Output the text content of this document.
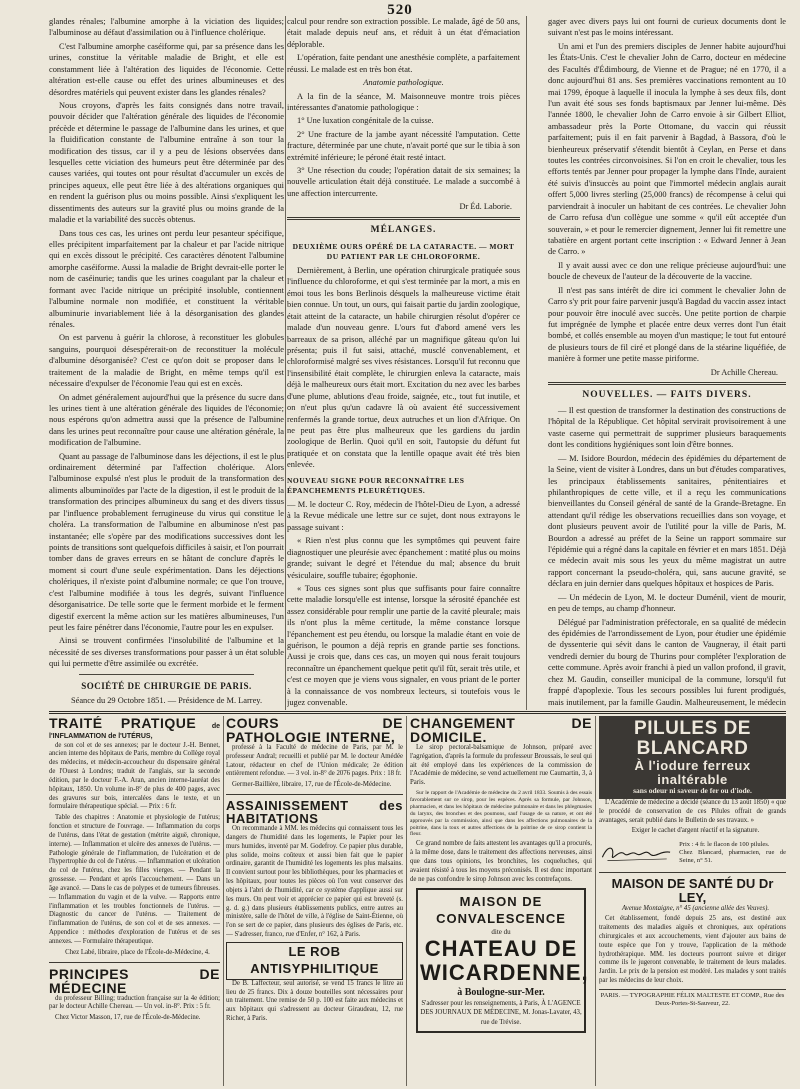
520

glandes rénales; l'albumine amorphe à la viciation des liquides; l'albuminose au défaut d'assimilation ou à l'influence cholérique.

C'est l'albumine amorphe caséiforme qui, par sa présence dans les urines, constitue la véritable maladie de Bright, et elle est constamment liée à l'altération des liquides de l'économie. Cette altération est-elle cause ou effet des urines albumineuses et des désordres matériels qui peuvent exister dans les glandes rénales?

Nous croyons, d'après les faits consignés dans notre travail, pouvoir décider que l'altération générale des liquides de l'économie précède et détermine le passage de l'albumine dans les urines, et que la fluidification constante de l'albumine entraîne à son tour la modification des tissus, car il y a peu de lésions observées dans lesquelles cette viciation des humeurs peut être déterminée par des causes variées, qui toutes ont pour résultat d'accumuler un excès de principes aqueux, elle peut être liée à des altérations organiques qui en rendent la guérison plus ou moins possible. Ainsi s'expliquent les dissentiments des auteurs sur la gravité plus ou moins grande de la maladie et la variabilité des succès obtenus.

Dans tous ces cas, les urines ont perdu leur pesanteur spécifique, elles précipitent imparfaitement par la chaleur et par l'acide nitrique qui en excès dissout le précipité. Ces caractères dénotent l'albumine amorphe caséiforme. Aussi la maladie de Bright devrait-elle porter le nom de caséinurie; tandis que les urines coagulant par la chaleur et formant avec l'acide nitrique un précipité insoluble, contiennent l'albumine normale non modifiée, et constituent la véritable albuminurie invariablement liée à la désorganisation des glandes rénales.

On est parvenu à guérir la chlorose, à reconstituer les globules sanguins, pourquoi désespérerait-on de reconstituer la molécule d'albumine désorganisée? C'est ce qu'on doit se proposer dans le traitement de la maladie de Bright, en même temps qu'il est nécessaire d'expulser de l'économie l'eau qui est en excès.

On admet généralement aujourd'hui que la présence du sucre dans les urines tient à une altération générale des liquides de l'économie; nous espérons qu'on admettra aussi que la présence de l'albumine dans les urines peut reconnaître pour cause une altération générale, la modification de l'albumine.

Quant au passage de l'albuminose dans les déjections, il est le plus ordinairement déterminé par l'affection cholérique. Alors l'albuminose expulsé n'est plus le produit de la transformation des aliments albuminoïdes par l'acte de la digestion, il est le produit de la transformation des principes albumineux du sang et des divers tissus par l'influence probablement ferrugineuse du virus qui constitue le choléra. La transformation de l'albumine en albuminose n'est pas instantanée; elle s'opère par des modifications successives dont les points de transitions sont quelquefois difficiles à saisir, et l'on pourrait tomber dans de graves erreurs en se hâtant de conclure d'après le moment si court d'une seule expérimentation. Dans les déjections cholériques, il n'existe point d'albumine normale; ce que l'on trouve, c'est l'albumine modifiée à tous les degrés, suivant l'influence désorganisatrice. De telle sorte que le ferment morbide et le ferment digestif exercent la même action sur les matières albumineuses, l'un peut les faire pénétrer dans l'économie, l'autre pour les en expulser.

Ainsi se trouvent confirmées l'insolubilité de l'albumine et la nécessité de ses diverses transformations pour passer à un état soluble qui lui permette d'être assimilée ou excrétée.

SOCIÉTÉ DE CHIRURGIE DE PARIS.
Séance du 29 Octobre 1851. — Présidence de M. Larrey.

calcul pour rendre son extraction possible. Le malade, âgé de 50 ans, était malade depuis neuf ans, et réduit à un état d'émaciation déplorable.

L'opération, faite pendant une anesthésie complète, a parfaitement réussi. Le malade est en très bon état.

Anatomie pathologique.

A la fin de la séance, M. Maisonneuve montre trois pièces intéressantes d'anatomie pathologique :

1° Une luxation congénitale de la cuisse.

2° Une fracture de la jambe ayant nécessité l'amputation. Cette fracture, déterminée par une chute, n'avait porté que sur le tibia à son extrémité inférieure; le péroné était resté intact.

3° Une résection du coude; l'opération datait de six semaines; la nouvelle articulation était déjà constituée. Le malade a succombé à une affection intercurrente.

Dr Éd. Laborie.
MÉLANGES.
DEUXIÈME OURS OPÉRÉ DE LA CATARACTE. — MORT DU PATIENT PAR LE CHLOROFORME.

Dernièrement, à Berlin, une opération chirurgicale pratiquée sous l'influence du chloroforme, et qui s'est terminée par la mort, a mis en émoi tous les bons Berlinois désquels la malheureuse victime était bien connue. Un tout, un ours, qui faisait partie du jardin zoologique, était atteint de la cataracte, un habile chirurgien résolut d'opérer ce malade d'un nouveau genre. L'ours fut d'abord amené vers les barreaux de sa prison, alléché par un magnifique gâteau qu'on lui présenta; puis il fut saisi, attaché, musclé convenablement, et chloroformisé malgré ses vives résistances. Lorsqu'il fut reconnu que l'insensibilité était complète, le chirurgien enleva la cataracte, mais déjà le malheureux ours était mort. Excitation du nez avec les barbes d'une plume, ablutions d'eau froide, saignée, etc., tout fut inutile, et on n'eut plus qu'un cadavre là où avaient été successivement renfermés la grande tortue, deux autruches et un lion d'Afrique. On ne peut pas être plus malheureux que les gardiens du jardin zoologique de Berlin. Quoi qu'il en soit, l'autopsie du défunt fut pratiquée et on constata que la lentille opaque avait été très bien enlevée.

NOUVEAU SIGNE POUR RECONNAÎTRE LES ÉPANCHEMENTS PLEURÉTIQUES.

— M. le docteur C. Roy, médecin de l'hôtel-Dieu de Lyon, a adressé à la Revue médicale une lettre sur ce sujet, dont nous extrayons le passage suivant :

« Rien n'est plus connu que les symptômes qui peuvent faire diagnostiquer une pleurésie avec épanchement : matité plus ou moins grande; suivant le degré et l'étendue du mal; absence du bruit vésiculaire, souffle tubaire; égophonie.

« Tous ces signes sont plus que suffisants pour faire connaître cette maladie lorsqu'elle est intense, lorsque la sérosité épanchée est assez considérable pour remplir une partie de la cavité pleurale; mais ils n'ont plus la même certitude, la même constance lorsque l'épanchement est peu étendu, ou lorsque la maladie étant en voie de guérison, le poumon a déjà repris en grande partie ses fonctions. Aussi je crois que, dans ces cas, un moyen qui nous ferait toujours reconnaître un épanchement quelque petit qu'il fût, serait très utile, et c'est ce moyen que je viens vous signaler, en vous priant de le porter à la connaissance de vos nombreux lecteurs, si toutefois vous le jugez convenable.

gager avec divers pays lui ont fourni de curieux documents dont le suivant n'est pas le moins intéressant.

Un ami et l'un des premiers disciples de Jenner habite aujourd'hui les États-Unis. C'est le chevalier John de Carro, docteur en médecine des Facultés d'Édimbourg, de Vienne et de Prague; né en 1770, il a donc aujourd'hui 81 ans. Ses premières vaccinations remontent au 10 mai 1799, époque à laquelle il inocula la lymphe à ses deux fils, dont l'un avait été sous ses fonds baptismaux par Jenner lui-même. Dès l'année 1800, le chevalier John de Carro envoie à sir Gilbert Elliot, ambassadeur près la Porte Ottomane, du vaccin qui réussit parfaitement; puis il en fait parvenir à Bagdad, à Bassora, d'où le bienheureux préservatif s'étendit bientôt à Ceylan, en Perse et dans toutes les contrées circonvoisines. Si l'on en croit le chevalier, tous les efforts tentés par Jenner pour propager la lymphe dans l'Inde, auraient été suivis d'insuccès au point que l'immortel médecin anglais aurait offert 5,000 livres sterling (25,000 francs) de récompense à celui qui parviendrait à inoculer un habitant de ces contrées. Le chevalier John de Carro refusa d'un collègue une somme « qu'il eût acceptée d'un souverain, » et pour le remercier dignement, Jenner lui fit remettre une tabatière en argent portant cette inscription : « Edward Jenner à Jean de Carro. »

Il y avait aussi avec ce don une relique précieuse aujourd'hui: une boucle de cheveux de l'auteur de la découverte de la vaccine.

Il n'est pas sans intérêt de dire ici comment le chevalier John de Carro s'y prit pour faire parvenir jusqu'à Bagdad du vaccin assez intact pour pouvoir être inoculé avec succès. Une petite portion de charpie fut imprégnée de lymphe et placée entre deux verres dont l'un était bombé, et collés ensemble au moyen d'un mastique; le tout fut entouré de plusieurs tours de fil ciré et plongé dans de la stéarine liquéfiée, de manière à former une petite masse piriforme.

Dr Achille Chereau.
NOUVELLES. — FAITS DIVERS.

— Il est question de transformer la destination des constructions de l'hôpital de la République. Cet hôpital servirait provisoirement à une vaste caserne qui permettrait de supprimer plusieurs baraquements dont les conditions hygiéniques sont loin d'être bonnes.

— M. Isidore Bourdon, médecin des épidémies du département de la Seine, vient de visiter à Londres, dans un but d'études comparatives, les principaux établissements sanitaires, pénitentiaires et philanthropiques de cette ville, et il a reçu les communications bienveillantes du Conseil général de santé de la Grande-Bretagne. En attendant qu'il rédige les observations recueillies dans son voyage, et dont plusieurs peuvent avoir de l'utilité pour la ville de Paris, M. Bourdon a adressé au préfet de la Seine un rapport sommaire sur l'épidémie qui a régné dans la capitale en février et en mars 1851. Déjà ce médecin avait mis sous les yeux du même magistrat un autre rapport concernant la pseudo-choléra, qui, sans aucune gravité, se déclara en juin dernier dans quelques hôpitaux et hospices de Paris.

— Un médecin de Lyon, M. le docteur Duménil, vient de mourir, en peu de temps, au champ d'honneur.

Délégué par l'administration préfectorale, en sa qualité de médecin des épidémies de l'arrondissement de Lyon, pour étudier une épidémie de dyssenterie qui sévit dans le canton de Vaugneray, il était parti vendredi dernier du bourg de Thurins pour compléter l'exploration de cette commune. Après avoir franchi à pied un vallon profond, il gravit, chez M. Gaudin, conseiller municipal de la commune, lorsqu'il fut frappé d'apoplexie. Tous les secours possibles lui furent prodigués, mais inutilement, par la famille Gaudin. Malheureusement, le médecin

TRAITÉ PRATIQUE de l'INFLAMMATION de l'UTÉRUS,

de son col et de ses annexes; par le docteur J.-H. Bennet, ancien interne des hôpitaux de Paris, membre du Collège royal des médecins, et médecin-accoucheur du dispensaire général de l'Ouest à Londres; traduit de l'anglais, sur la seconde édition, par le docteur F.-A. Aran, ancien interne-lauréat des hôpitaux, 1850. Un volume in-8° de plus de 400 pages, avec des gravures sur bois, intercalées dans le texte, et un formulaire thérapeutique spécial. — Prix : 6 fr.

Table des chapitres : Anatomie et physiologie de l'utérus; fonction et structure de l'ouvrage. — Inflammation du corps de l'utérus, dans l'état de gestation (métrite aiguë, chronique, interne). — Inflammation et ulcère des annexes de l'utérus. — Pathologie générale de l'inflammation, de l'ulcération et de l'hypertrophie du col de l'utérus. — Inflammation et ulcération du col de l'utérus, chez les filles vierges. — Pendant la grossesse. — Pendant et après l'accouchement. — Dans un âge avancé. — Dans le cas de polypes et de tumeurs fibreuses. — Inflammation du vagin et de la vulve. — Rapports entre l'inflammation et les troubles fonctionnels de l'utérus. — Diagnostic du cancer de l'utérus. — Traitement de l'inflammation de l'utérus, de son col et de ses annexes. — Appendice : méthodes d'exploration de l'utérus et de ses annexes. — Formulaire thérapeutique.

Chez Labé, libraire, place de l'École-de-Médecine, 4.

PRINCIPES DE MÉDECINE

du professeur Billing; traduction française sur la 4e édition; par le docteur Achille Chereau. — Un vol. in-8°. Prix : 5 fr.

Chez Victor Masson, 17, rue de l'École-de-Médecine.

COURS DE PATHOLOGIE INTERNE,

professé à la Faculté de médecine de Paris, par M. le professeur Andral; recueilli et publié par M. le docteur Amédée Latour, rédacteur en chef de l'Union médicale; 2e édition entièrement refondue. — 3 vol. in-8° de 2076 pages. Prix : 18 fr.

Germer-Baillière, libraire, 17, rue de l'École-de-Médecine.

ASSAINISSEMENT des HABITATIONS

On recommande à MM. les médecins qui connaissent tous les dangers de l'humidité dans les logements, le Papier pour les murs humides, inventé par M. Godefroy. Ce papier plus durable, plus solide, moins coûteux et aussi bien fait que le papier ordinaire, garantit de l'humidité les logements les plus malsains. Il convient surtout pour les bibliothèques, pour les pharmacies et les hôpitaux, pour toutes les pièces où l'on veut conserver des objets à l'abri de l'humidité, car ce système d'applique aussi sur les murs. On peut voir et apprécier ce papier qui est breveté (s. g. d. g.) dans plusieurs établissements publics, entre autres au ministère, salle de l'hôtel de ville, à l'église de Saint-Étienne, où l'on se sert de ce papier, dans plusieurs des églises de Paris, etc. — S'adresser, franco, rue d'Enfer, n° 162, à Paris.

LE ROB ANTISYPHILITIQUE

De B. Laffecteur, seul autorisé, se vend 15 francs le litre au lieu de 25 francs. Dix à douze bouteilles sont nécessaires pour un traitement. Une remise de 50 p. 100 est faite aux médecins et aux hôpitaux qui s'adressent au docteur Giraudeau, 12, rue Richer, à Paris.

CHANGEMENT DE DOMICILE.

Le sirop pectoral-balsamique de Johnson, préparé avec l'agrégation, d'après la formule du professeur Broussais, le seul qui ait été employé dans les expériences de la commission de l'Académie de médecine, se vend actuellement rue Caumartin, 3, à Paris.

Sur le rapport de l'Académie de médecine du 2 avril 1833. Soumis à des essais favorablement sur ce sirop, pour les espèces. Après sa formule, par Johnson, pharmacien, et dans les hôpitaux de médecine pulmonaire et dans les phlegmasies du larynx, des bronches et des poumons, sauf l'usage de sa nature, et ont été approuvés par la commission, ainsi que dans les affections pulmonaires de la poitrine, dans la toux et autres affections de la poitrine de ce sirop contient la fleur.

Ce grand nombre de faits attestent les avantages qu'il a procurés, à la même dose, dans le traitement des affections nerveuses, ainsi que dans tous opinions, les bronchites, les coqueluches, qui avaient résisté à tous les moyens préconisés. Il est donc important de ne pas confondre le sirop Johnson avec les contrefaçons.

MAISON DE CONVALESCENCE
dite du
CHATEAU DE WICARDENNE,
à Boulogne-sur-Mer.
S'adresser pour les renseignements, à Paris, À L'AGENCE DES JOURNAUX DE MÉDECINE, M. Jonas-Lavater, 43, rue de Trévise.
PILULES DE BLANCARD
À l'iodure ferreux inaltérable
sans odeur ni saveur de fer ou d'iode.

L'Académie de médecine a décidé (séance du 13 août 1850) « que le procédé de conservation de ces Pilules offrait de grands avantages, serait publié dans le Bulletin de ses travaux. »

Exiger le cachet d'argent réactif et la signature.

Prix : 4 fr. le flacon de 100 pilules.
Chez Blancard, pharmacien, rue de Seine, n° 51.
MAISON DE SANTÉ DU Dr LEY,

Avenue Montaigne, n° 45 (ancienne allée des Veuves).

Cet établissement, fondé depuis 25 ans, est destiné aux traitements des maladies aiguës et chroniques, aux opérations chirurgicales et aux accouchements, vient d'ajouter aux bains de toute espèce que l'on y trouve, l'application de la méthode hydrothérapique. MM. les docteurs pourront suivre et diriger comme ils le jugeront convenable, le traitement de leurs malades. Jardin. Le prix de la pension est modéré. Les malades y sont traités par les médecins de leur choix.

PARIS. — TYPOGRAPHIE FÉLIX MALTESTE ET COMP., Rue des Deux-Portes-St-Sauveur, 22.
